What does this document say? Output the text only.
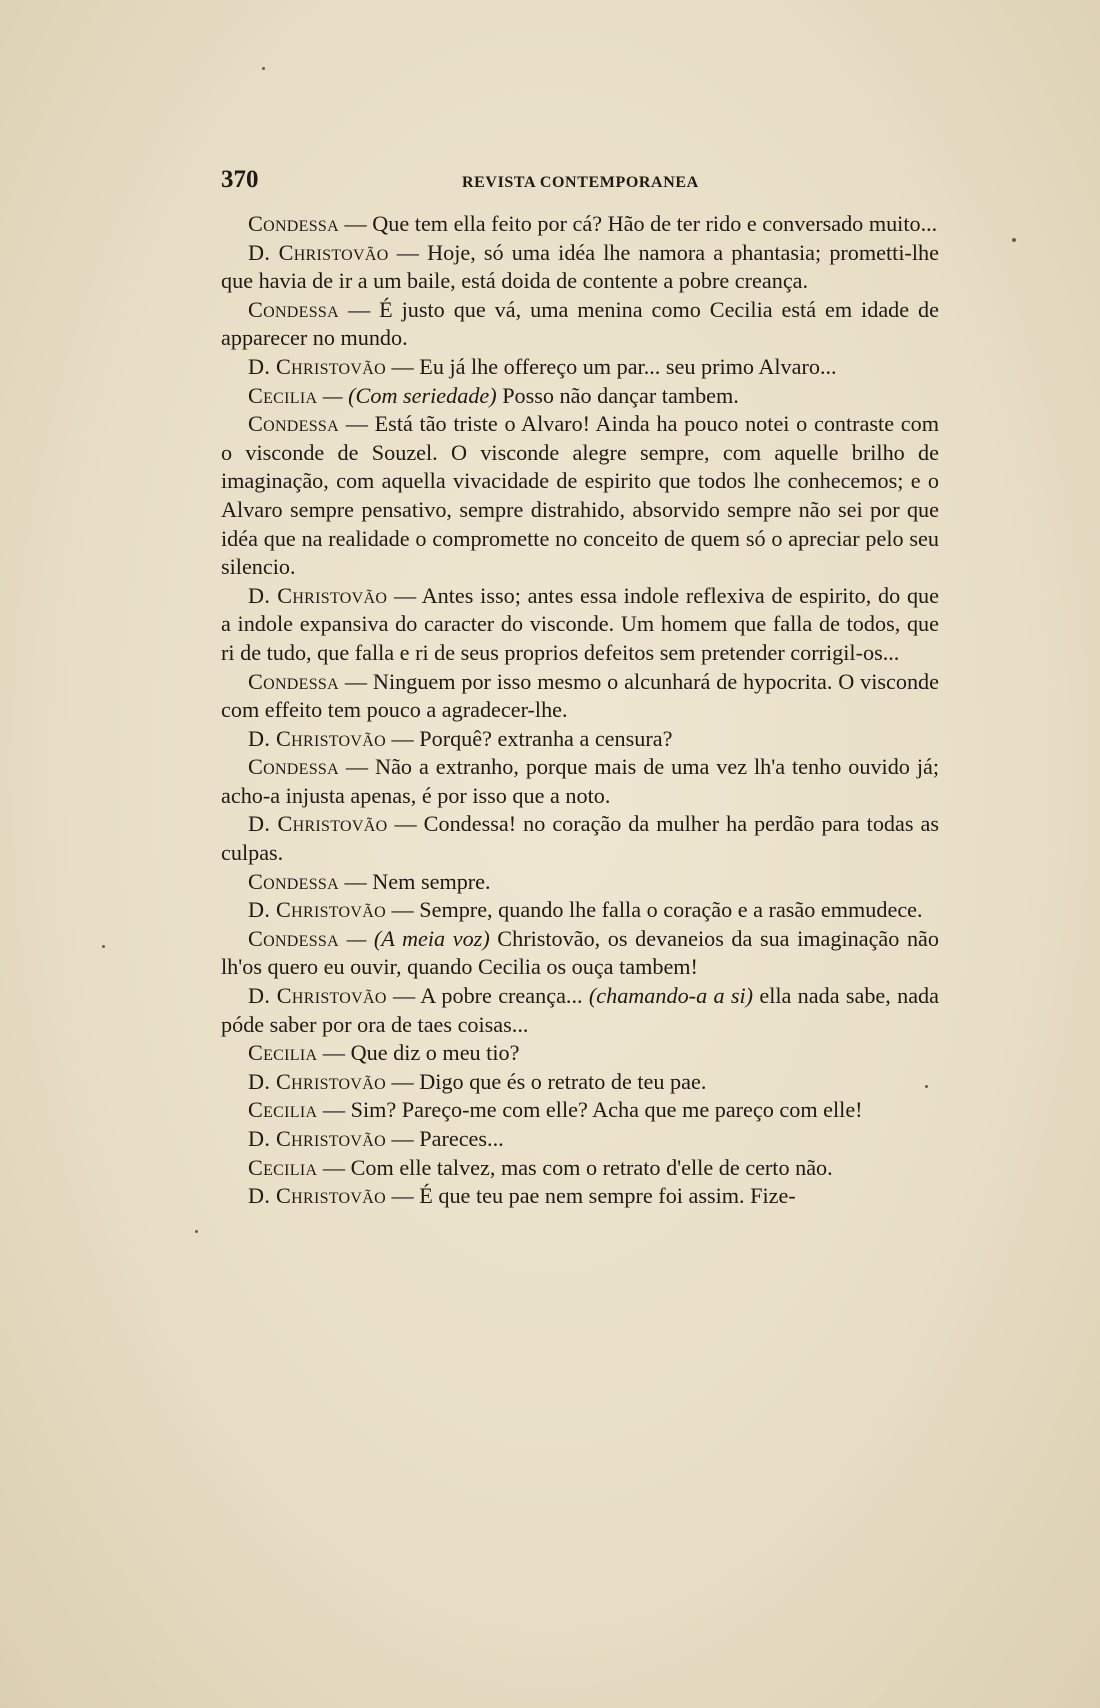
370	REVISTA CONTEMPORANEA

Condessa — Que tem ella feito por cá? Hão de ter rido e conversado muito...

D. Christovão — Hoje, só uma idéa lhe namora a phantasia; prometti-lhe que havia de ir a um baile, está doida de contente a pobre creança.

Condessa — É justo que vá, uma menina como Cecilia está em idade de apparecer no mundo.

D. Christovão — Eu já lhe offereço um par... seu primo Alvaro...

Cecilia — (Com seriedade) Posso não dançar tambem.

Condessa — Está tão triste o Alvaro! Ainda ha pouco notei o contraste com o visconde de Souzel. O visconde alegre sempre, com aquelle brilho de imaginação, com aquella vivacidade de espirito que todos lhe conhecemos; e o Alvaro sempre pensativo, sempre distrahido, absorvido sempre não sei por que idéa que na realidade o compromette no conceito de quem só o apreciar pelo seu silencio.

D. Christovão — Antes isso; antes essa indole reflexiva de espirito, do que a indole expansiva do caracter do visconde. Um homem que falla de todos, que ri de tudo, que falla e ri de seus proprios defeitos sem pretender corrigil-os...

Condessa — Ninguem por isso mesmo o alcunhará de hypocrita. O visconde com effeito tem pouco a agradecer-lhe.

D. Christovão — Porquê? extranha a censura?

Condessa — Não a extranho, porque mais de uma vez lh'a tenho ouvido já; acho-a injusta apenas, é por isso que a noto.

D. Christovão — Condessa! no coração da mulher ha perdão para todas as culpas.

Condessa — Nem sempre.

D. Christovão — Sempre, quando lhe falla o coração e a rasão emmudece.

Condessa — (A meia voz) Christovão, os devaneios da sua imaginação não lh'os quero eu ouvir, quando Cecilia os ouça tambem!

D. Christovão — A pobre creança... (chamando-a a si) ella nada sabe, nada póde saber por ora de taes coisas...

Cecilia — Que diz o meu tio?

D. Christovão — Digo que és o retrato de teu pae.

Cecilia — Sim? Pareço-me com elle? Acha que me pareço com elle!

D. Christovão — Pareces...

Cecilia — Com elle talvez, mas com o retrato d'elle de certo não.

D. Christovão — É que teu pae nem sempre foi assim. Fize-
